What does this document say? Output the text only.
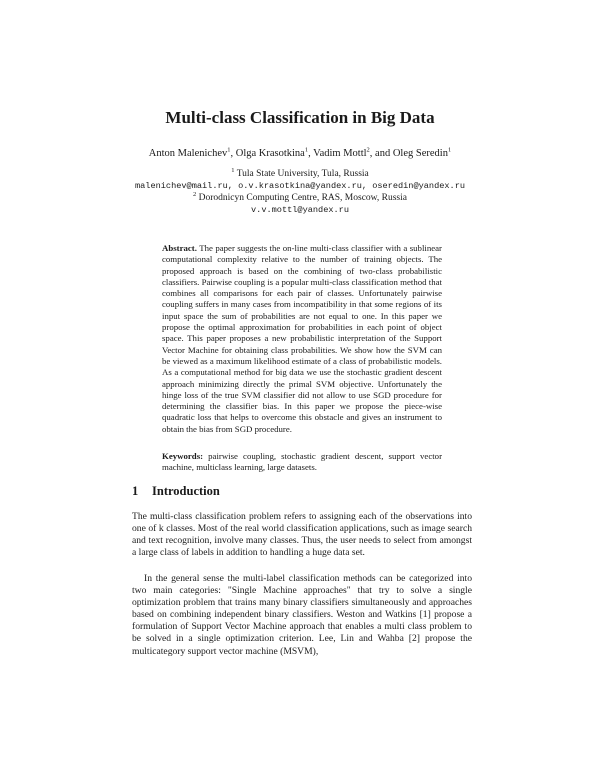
Multi-class Classification in Big Data
Anton Malenichev$^1$, Olga Krasotkina$^1$, Vadim Mottl$^2$, and Oleg Seredin$^1$
$^1$ Tula State University, Tula, Russia
malenichev@mail.ru, o.v.krasotkina@yandex.ru, oseredin@yandex.ru
$^2$ Dorodnicyn Computing Centre, RAS, Moscow, Russia
v.v.mottl@yandex.ru
Abstract. The paper suggests the on-line multi-class classifier with a sublinear computational complexity relative to the number of training objects. The proposed approach is based on the combining of two-class probabilistic classifiers. Pairwise coupling is a popular multi-class classification method that combines all comparisons for each pair of classes. Unfortunately pairwise coupling suffers in many cases from incompatibility in that some regions of its input space the sum of probabilities are not equal to one. In this paper we propose the optimal approximation for probabilities in each point of object space. This paper proposes a new probabilistic interpretation of the Support Vector Machine for obtaining class probabilities. We show how the SVM can be viewed as a maximum likelihood estimate of a class of probabilistic models. As a computational method for big data we use the stochastic gradient descent approach minimizing directly the primal SVM objective. Unfortunately the hinge loss of the true SVM classifier did not allow to use SGD procedure for determining the classifier bias. In this paper we propose the piece-wise quadratic loss that helps to overcome this obstacle and gives an instrument to obtain the bias from SGD procedure.
Keywords: pairwise coupling, stochastic gradient descent, support vector machine, multiclass learning, large datasets.
1 Introduction
The multi-class classification problem refers to assigning each of the observations into one of k classes. Most of the real world classification applications, such as image search and text recognition, involve many classes. Thus, the user needs to select from amongst a large class of labels in addition to handling a huge data set.
In the general sense the multi-label classification methods can be categorized into two main categories: "Single Machine approaches" that try to solve a single optimization problem that trains many binary classifiers simultaneously and approaches based on combining independent binary classifiers. Weston and Watkins [1] propose a formulation of Support Vector Machine approach that enables a multi class problem to be solved in a single optimization criterion. Lee, Lin and Wahba [2] propose the multicategory support vector machine (MSVM),
